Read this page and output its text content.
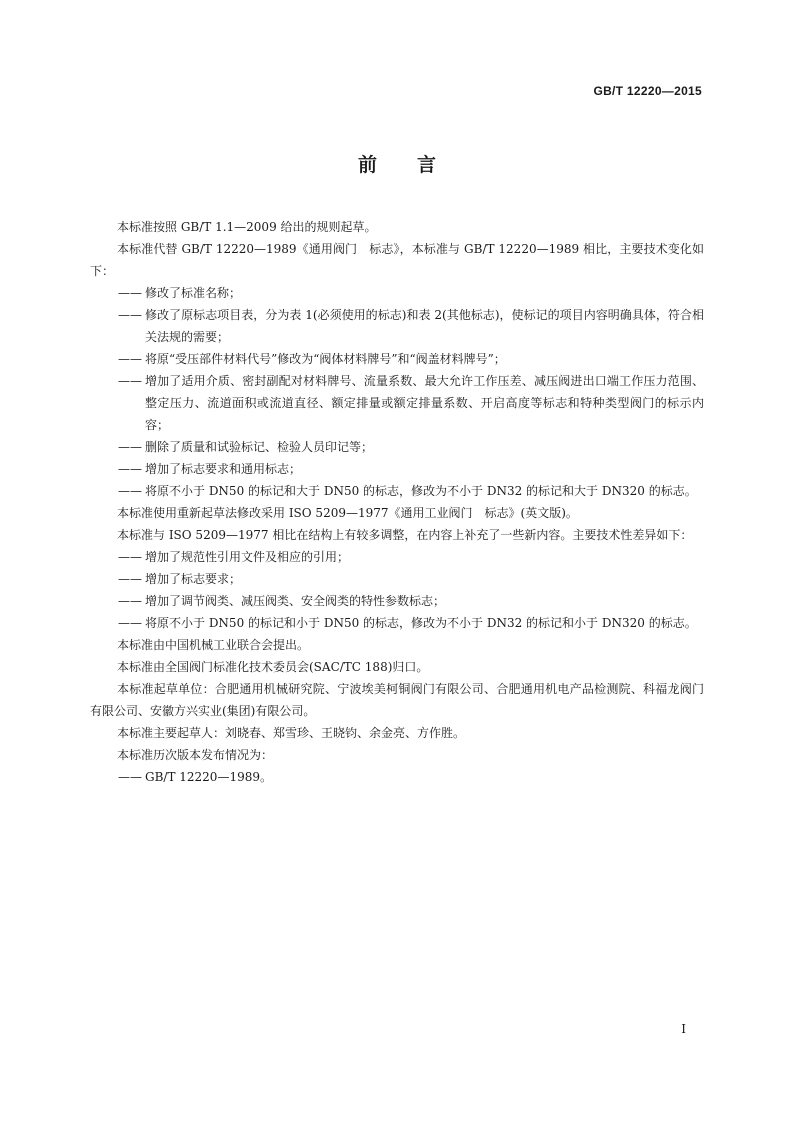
GB/T 12220—2015
前言

本标准按照 GB/T 1.1—2009 给出的规则起草。

本标准代替 GB/T 12220—1989《通用阀门　标志》，本标准与 GB/T 12220—1989 相比，主要技术变化如下：

—— 修改了标准名称；

—— 修改了原标志项目表，分为表 1(必须使用的标志)和表 2(其他标志)，使标记的项目内容明确具体，符合相关法规的需要；

—— 将原“受压部件材料代号”修改为“阀体材料牌号”和“阀盖材料牌号”；

—— 增加了适用介质、密封副配对材料牌号、流量系数、最大允许工作压差、减压阀进出口端工作压力范围、整定压力、流道面积或流道直径、额定排量或额定排量系数、开启高度等标志和特种类型阀门的标示内容；

—— 删除了质量和试验标记、检验人员印记等；

—— 增加了标志要求和通用标志；

—— 将原不小于 DN50 的标记和大于 DN50 的标志，修改为不小于 DN32 的标记和大于 DN320 的标志。

本标准使用重新起草法修改采用 ISO 5209—1977《通用工业阀门　标志》(英文版)。

本标准与 ISO 5209—1977 相比在结构上有较多调整，在内容上补充了一些新内容。主要技术性差异如下：

—— 增加了规范性引用文件及相应的引用；

—— 增加了标志要求；

—— 增加了调节阀类、减压阀类、安全阀类的特性参数标志；

—— 将原不小于 DN50 的标记和小于 DN50 的标志，修改为不小于 DN32 的标记和小于 DN320 的标志。

本标准由中国机械工业联合会提出。

本标准由全国阀门标准化技术委员会(SAC/TC 188)归口。

本标准起草单位：合肥通用机械研究院、宁波埃美柯铜阀门有限公司、合肥通用机电产品检测院、科福龙阀门有限公司、安徽方兴实业(集团)有限公司。

本标准主要起草人：刘晓春、郑雪珍、王晓钧、余金亮、方作胜。

本标准历次版本发布情况为：

—— GB/T 12220—1989。

I
